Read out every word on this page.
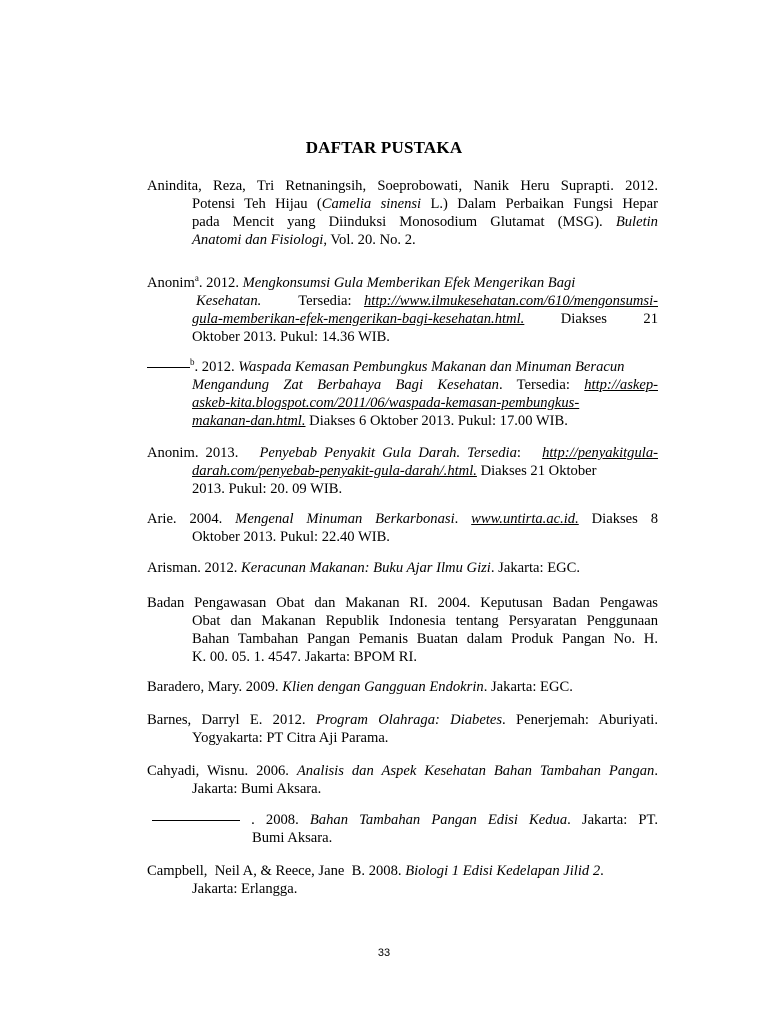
DAFTAR PUSTAKA
Anindita, Reza, Tri Retnaningsih, Soeprobowati, Nanik Heru Suprapti. 2012.
Potensi Teh Hijau (Camelia sinensi L.) Dalam Perbaikan Fungsi Hepar
pada Mencit yang Diinduksi Monosodium Glutamat (MSG). Buletin
Anatomi dan Fisiologi, Vol. 20. No. 2.
Anonim$^a$. 2012. Mengkonsumsi Gula Memberikan Efek Mengerikan Bagi
Kesehatan.	Tersedia: http://www.ilmukesehatan.com/610/mengonsumsi-
gula-memberikan-efek-mengerikan-bagi-kesehatan.html. Diakses 21
Oktober 2013. Pukul: 14.36 WIB.
$^b$. 2012. Waspada Kemasan Pembungkus Makanan dan Minuman Beracun
Mengandung Zat Berbahaya Bagi Kesehatan. Tersedia: http://askep-
askeb-kita.blogspot.com/2011/06/waspada-kemasan-pembungkus-
makanan-dan.html. Diakses 6 Oktober 2013. Pukul: 17.00 WIB.
Anonim. 2013.   Penyebab Penyakit Gula Darah. Tersedia:   http://penyakitgula-
darah.com/penyebab-penyakit-gula-darah/.html. Diakses 21 Oktober
2013. Pukul: 20. 09 WIB.
Arie. 2004. Mengenal Minuman Berkarbonasi. www.untirta.ac.id. Diakses 8
Oktober 2013. Pukul: 22.40 WIB.
Arisman. 2012. Keracunan Makanan: Buku Ajar Ilmu Gizi. Jakarta: EGC.
Badan Pengawasan Obat dan Makanan RI. 2004. Keputusan Badan Pengawas
Obat dan Makanan Republik Indonesia tentang Persyaratan Penggunaan
Bahan Tambahan Pangan Pemanis Buatan dalam Produk Pangan No. H.
K. 00. 05. 1. 4547. Jakarta: BPOM RI.
Baradero, Mary. 2009. Klien dengan Gangguan Endokrin. Jakarta: EGC.
Barnes, Darryl E. 2012. Program Olahraga: Diabetes. Penerjemah: Aburiyati.
Yogyakarta: PT Citra Aji Parama.
Cahyadi, Wisnu. 2006. Analisis dan Aspek Kesehatan Bahan Tambahan Pangan.
Jakarta: Bumi Aksara.
. 2008. Bahan Tambahan Pangan Edisi Kedua. Jakarta: PT.
Bumi Aksara.
Campbell,  Neil A, & Reece, Jane  B. 2008. Biologi 1 Edisi Kedelapan Jilid 2.
Jakarta: Erlangga.
33
